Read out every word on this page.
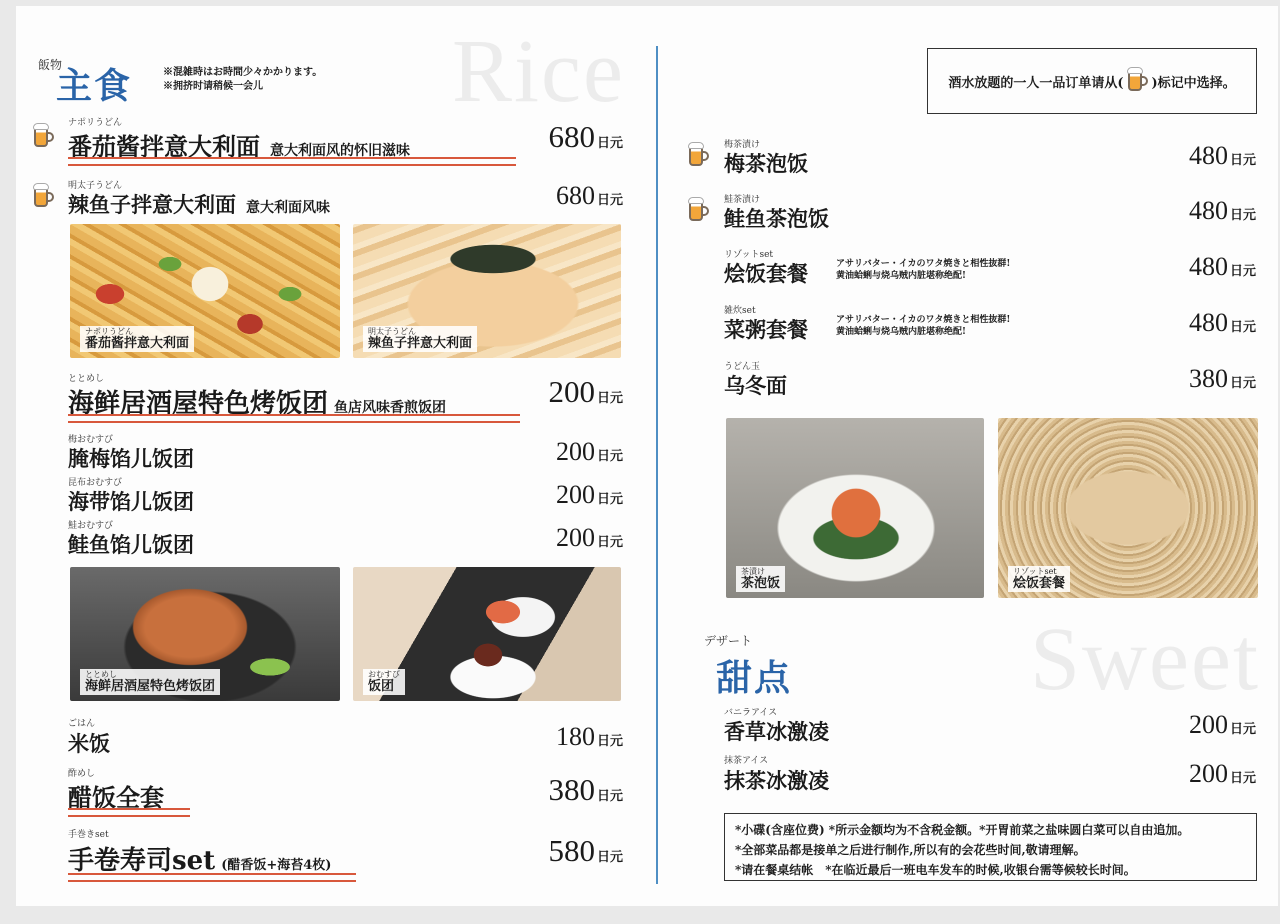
Rice
飯物
主食	※混雑時はお時間少々かかります。
※拥挤时请稍候一会儿
ナポリうどん
番茄酱拌意大利面 意大利面风的怀旧滋味	680 日元
明太子うどん
辣鱼子拌意大利面 意大利面风味	680 日元
ナポリうどん
番茄酱拌意大利面
明太子うどん
辣鱼子拌意大利面
ととめし
海鲜居酒屋特色烤饭团 鱼店风味香煎饭团	200 日元
梅おむすび
腌梅馅儿饭团	200 日元
昆布おむすび
海带馅儿饭团	200 日元
鮭おむすび
鲑鱼馅儿饭团	200 日元
ととめし
海鲜居酒屋特色烤饭团
おむすび
饭团
ごはん
米饭	180 日元
酢めし
醋饭全套	380 日元
手巻きset
手卷寿司set (醋香饭+海苔4枚)	580 日元
酒水放题的一人一品订单请从( )标记中选择。
梅茶漬け
梅茶泡饭	480 日元
鮭茶漬け
鲑鱼茶泡饭	480 日元
リゾットset
烩饭套餐	アサリバター・イカのワタ焼きと相性抜群!
黄油蛤蜊与烧乌贼内脏堪称绝配!	480 日元
雑炊set
菜粥套餐	アサリバター・イカのワタ焼きと相性抜群!
黄油蛤蜊与烧乌贼内脏堪称绝配!	480 日元
うどん玉
乌冬面	380 日元
茶漬け
茶泡饭
リゾットset
烩饭套餐
Sweet
デザート
甜点
バニラアイス
香草冰激凌	200 日元
抹茶アイス
抹茶冰激凌	200 日元
*小碟(含座位费) *所示金额均为不含税金额。*开胃前菜之盐味圆白菜可以自由追加。
*全部菜品都是接单之后进行制作,所以有的会花些时间,敬请理解。
*请在餐桌结帐　*在临近最后一班电车发车的时候,收银台需等候较长时间。
